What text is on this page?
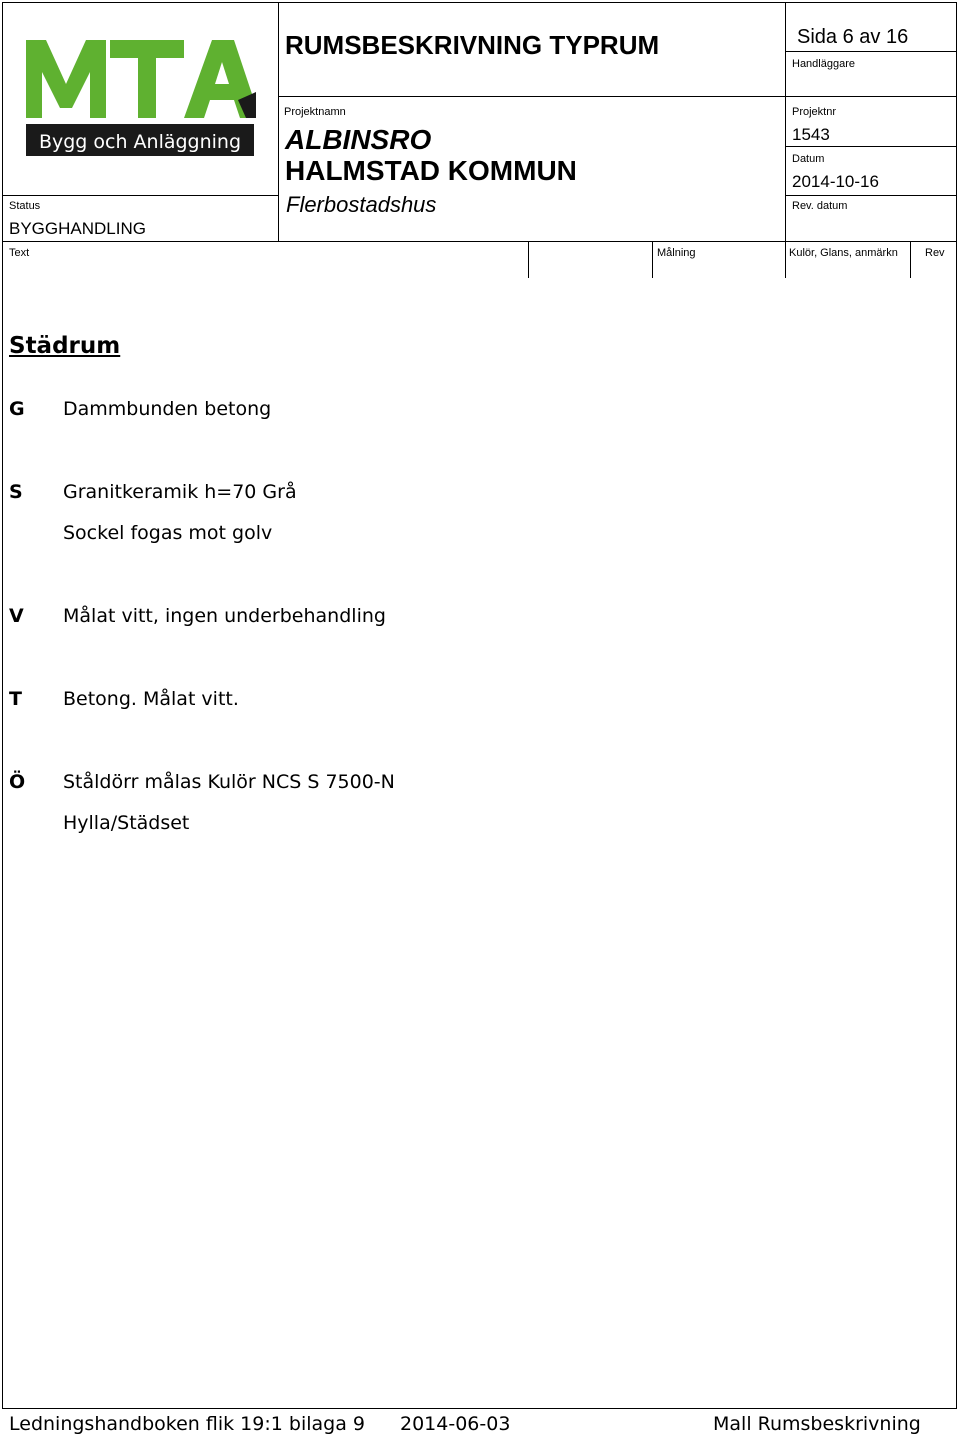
Bygg och Anläggning
Status
BYGGHANDLING
RUMSBESKRIVNING TYPRUM
Projektnamn
ALBINSRO
HALMSTAD KOMMUN
Flerbostadshus
Sida 6 av 16
Handläggare
Projektnr
1543
Datum
2014-10-16
Rev. datum
Text	Målning	Kulör, Glans, anmärkn Rev
Städrum
G Dammbunden betong
S Granitkeramik h=70 Grå
Sockel fogas mot golv
V Målat vitt, ingen underbehandling
T Betong. Målat vitt.
Ö Ståldörr målas Kulör NCS S 7500-N
Hylla/Städset
Ledningshandboken flik 19:1 bilaga 9 2014-06-03	Mall Rumsbeskrivning
